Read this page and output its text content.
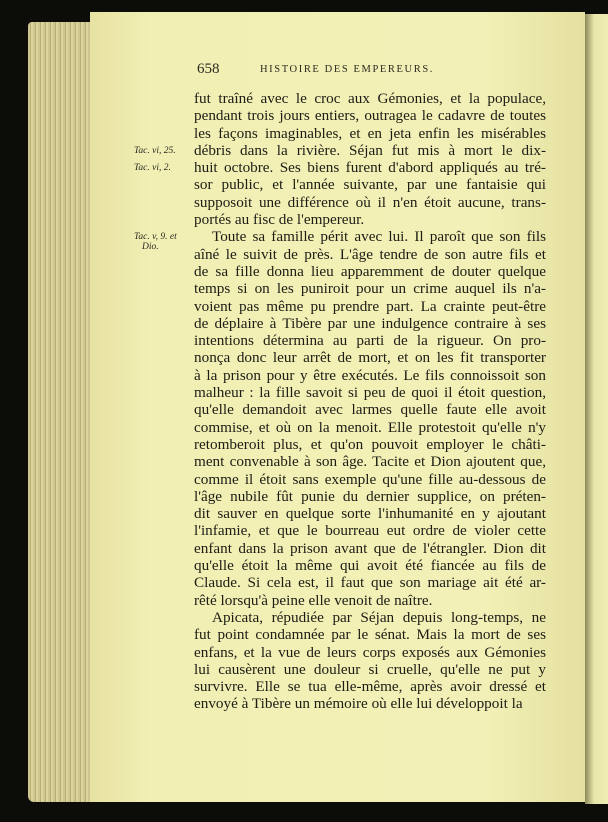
658	HISTOIRE DES EMPEREURS.
fut traîné avec le croc aux Gémonies, et la populace,
pendant trois jours entiers, outragea le cadavre de toutes
les façons imaginables, et en jeta enfin les misérables
débris dans la rivière. Séjan fut mis à mort le dix-
huit octobre. Ses biens furent d'abord appliqués au tré-
sor public, et l'année suivante, par une fantaisie qui
supposoit une différence où il n'en étoit aucune, trans-
portés au fisc de l'empereur.
Toute sa famille périt avec lui. Il paroît que son fils
aîné le suivit de près. L'âge tendre de son autre fils et
de sa fille donna lieu apparemment de douter quelque
temps si on les puniroit pour un crime auquel ils n'a-
voient pas même pu prendre part. La crainte peut-être
de déplaire à Tibère par une indulgence contraire à ses
intentions détermina au parti de la rigueur. On pro-
nonça donc leur arrêt de mort, et on les fit transporter
à la prison pour y être exécutés. Le fils connoissoit son
malheur : la fille savoit si peu de quoi il étoit question,
qu'elle demandoit avec larmes quelle faute elle avoit
commise, et où on la menoit. Elle protestoit qu'elle n'y
retomberoit plus, et qu'on pouvoit employer le châti-
ment convenable à son âge. Tacite et Dion ajoutent que,
comme il étoit sans exemple qu'une fille au-dessous de
l'âge nubile fût punie du dernier supplice, on préten-
dit sauver en quelque sorte l'inhumanité en y ajoutant
l'infamie, et que le bourreau eut ordre de violer cette
enfant dans la prison avant que de l'étrangler. Dion dit
qu'elle étoit la même qui avoit été fiancée au fils de
Claude. Si cela est, il faut que son mariage ait été ar-
rêté lorsqu'à peine elle venoit de naître.
Apicata, répudiée par Séjan depuis long-temps, ne
fut point condamnée par le sénat. Mais la mort de ses
enfans, et la vue de leurs corps exposés aux Gémonies
lui causèrent une douleur si cruelle, qu'elle ne put y
survivre. Elle se tua elle-même, après avoir dressé et
envoyé à Tibère un mémoire où elle lui développoit la
Tac. vi, 25.
Tac. vi, 2.
Tac. v, 9. et
Dio.
